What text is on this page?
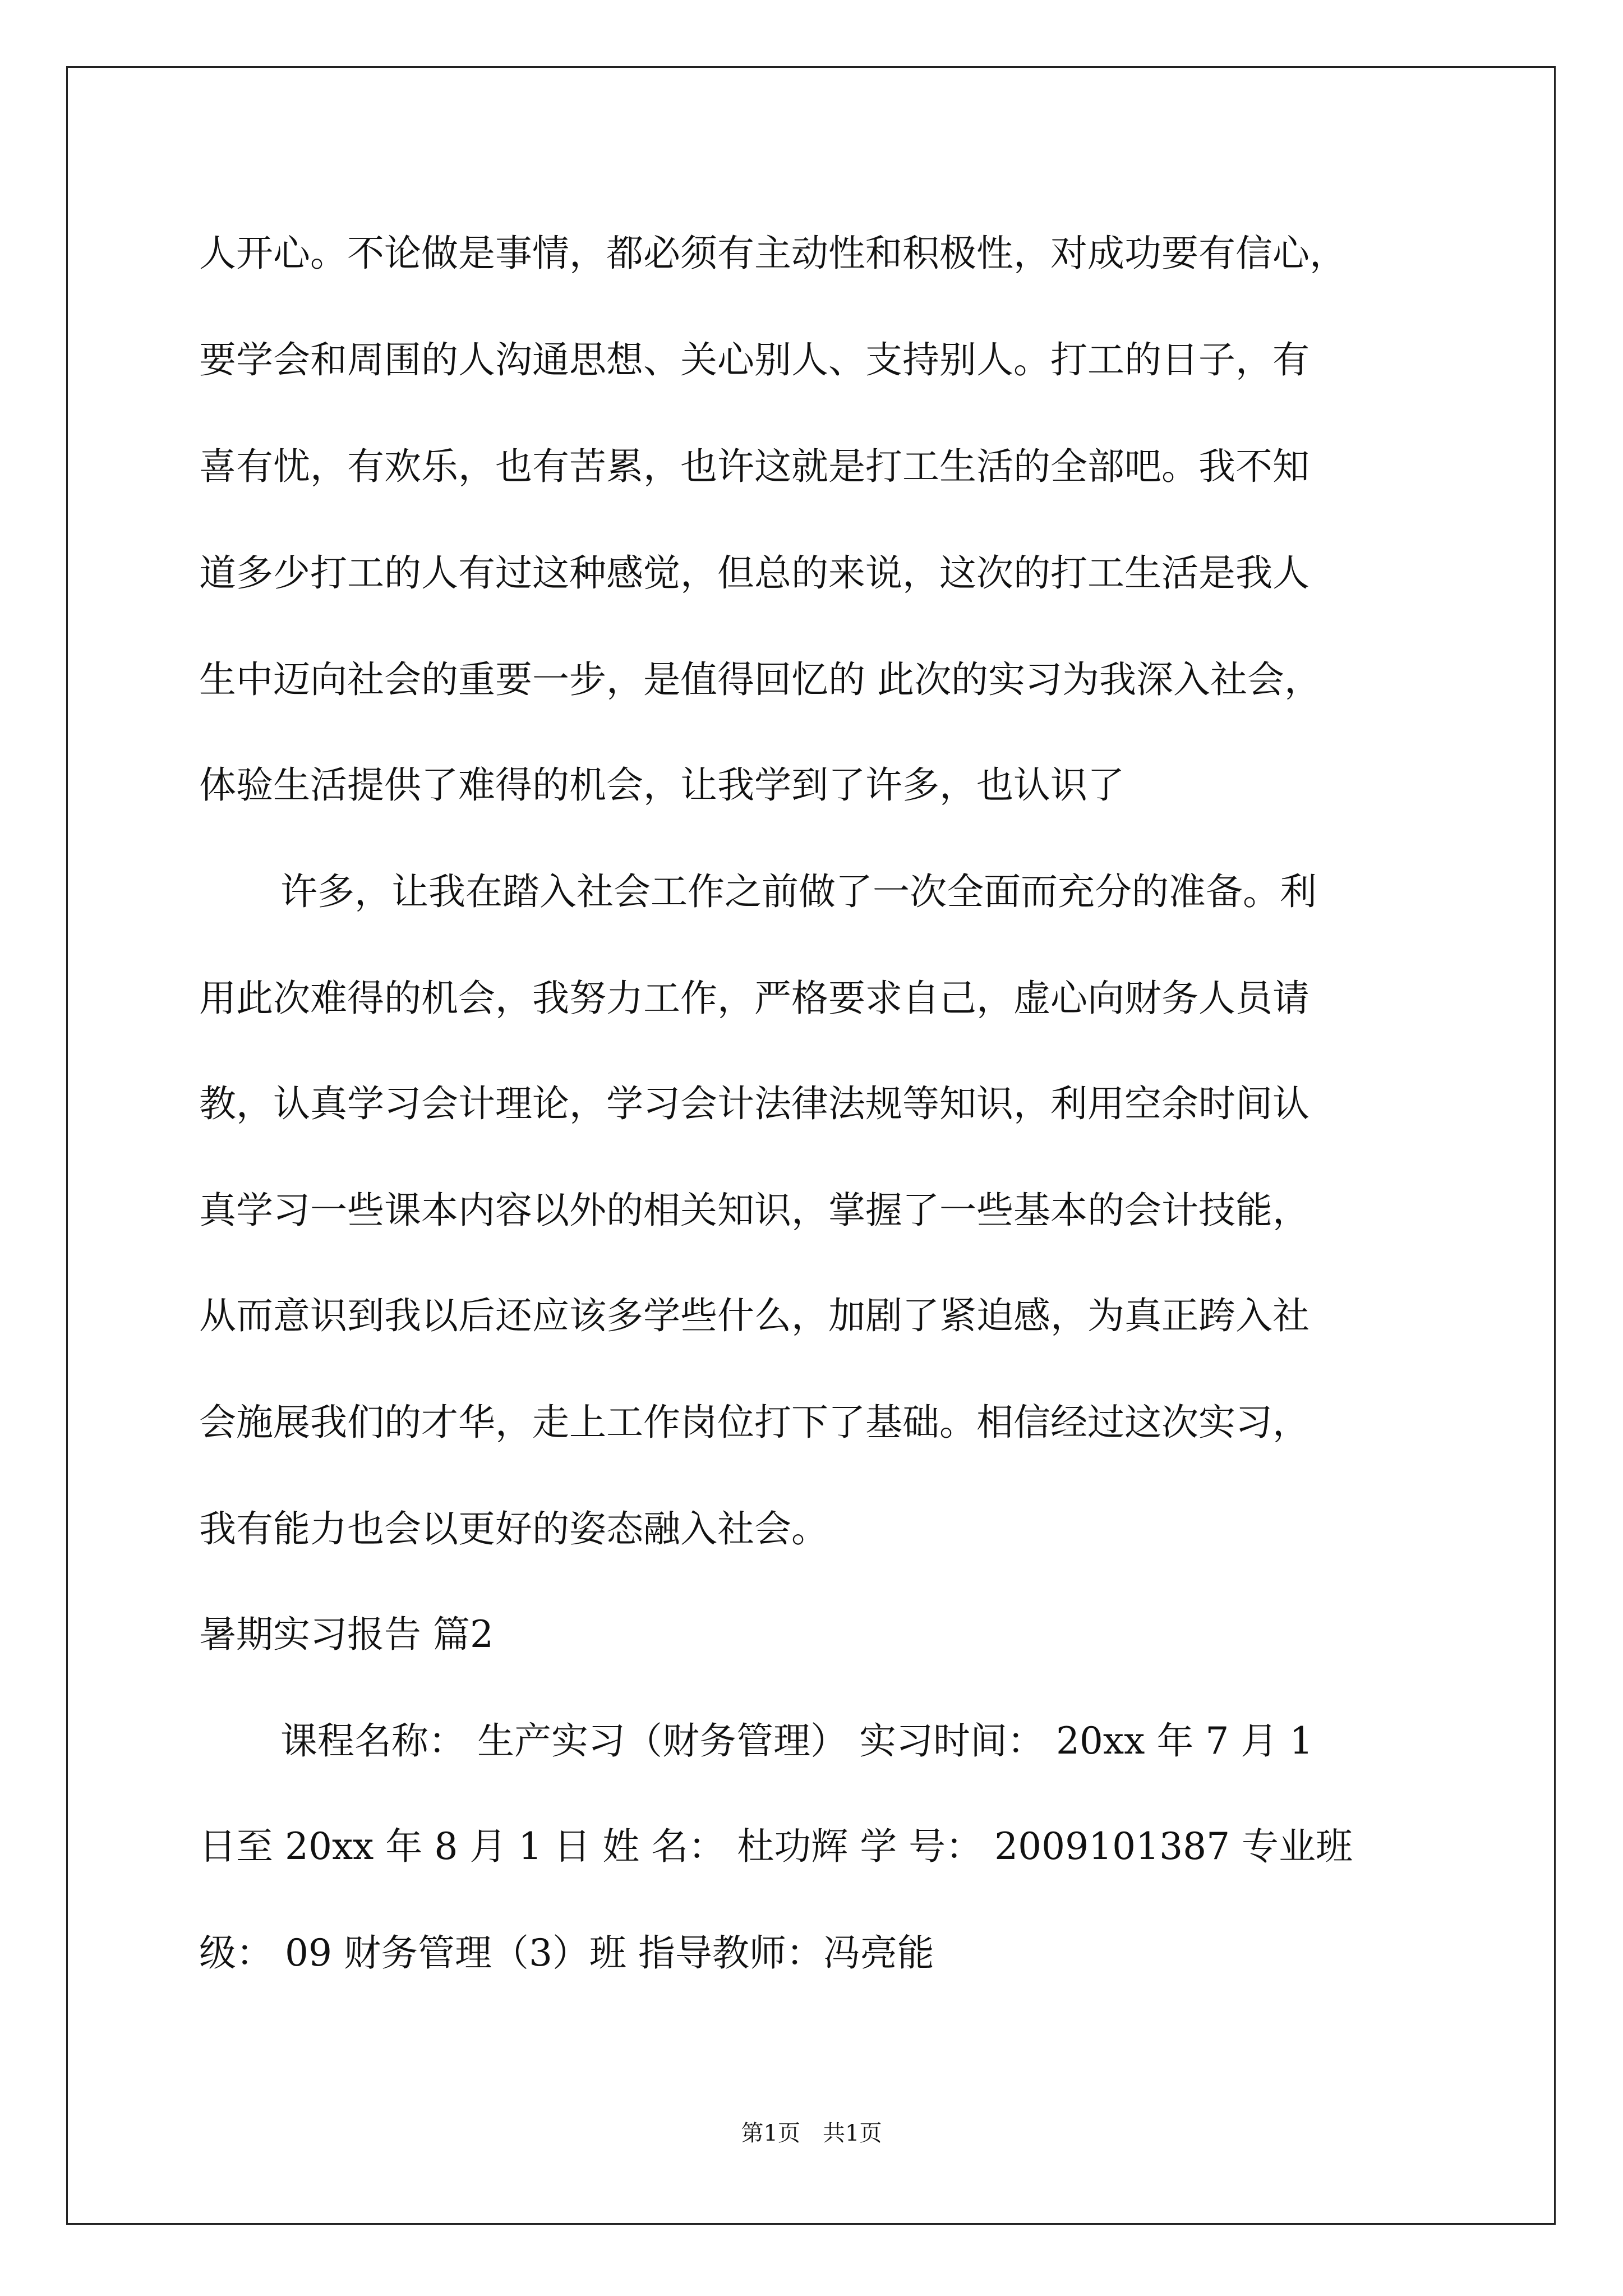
人开心。不论做是事情，都必须有主动性和积极性，对成功要有信心，
要学会和周围的人沟通思想、关心别人、支持别人。打工的日子，有
喜有忧，有欢乐，也有苦累，也许这就是打工生活的全部吧。我不知
道多少打工的人有过这种感觉，但总的来说，这次的打工生活是我人
生中迈向社会的重要一步，是值得回忆的 此次的实习为我深入社会，
体验生活提供了难得的机会，让我学到了许多，也认识了
许多，让我在踏入社会工作之前做了一次全面而充分的准备。利
用此次难得的机会，我努力工作，严格要求自己，虚心向财务人员请
教，认真学习会计理论，学习会计法律法规等知识，利用空余时间认
真学习一些课本内容以外的相关知识，掌握了一些基本的会计技能，
从而意识到我以后还应该多学些什么，加剧了紧迫感，为真正跨入社
会施展我们的才华，走上工作岗位打下了基础。相信经过这次实习，
我有能力也会以更好的姿态融入社会。
暑期实习报告 篇2
课程名称： 生产实习（财务管理） 实习时间： 20xx 年 7 月 1
日至 20xx 年 8 月 1 日 姓 名： 杜功辉 学 号： 2009101387 专业班
级： 09 财务管理（3）班 指导教师：冯亮能
第1页　共1页
